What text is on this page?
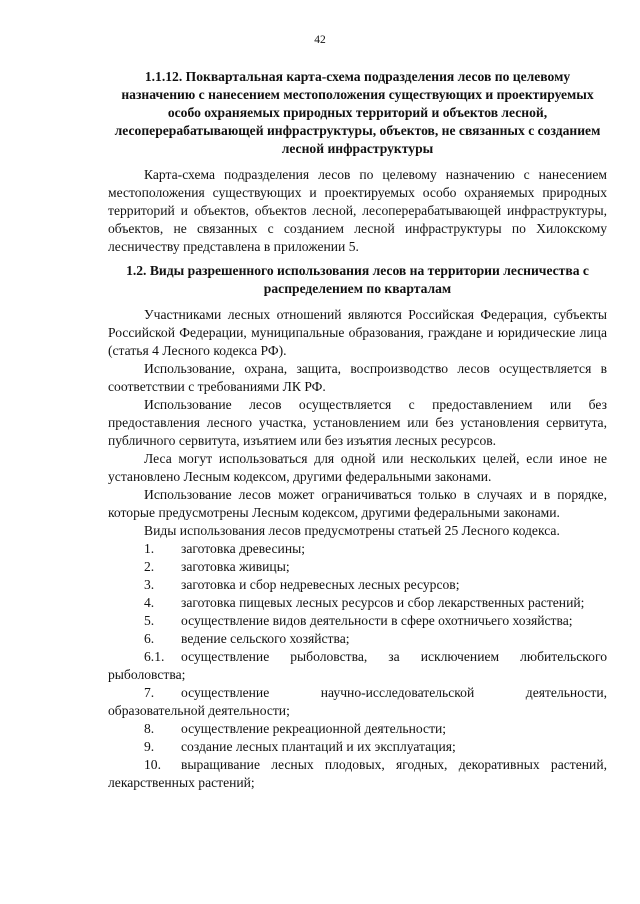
42
1.1.12. Поквартальная карта-схема подразделения лесов по целевому назначению с нанесением местоположения существующих и проектируемых особо охраняемых природных территорий и объектов лесной, лесоперерабатывающей инфраструктуры, объектов, не связанных с созданием лесной инфраструктуры

Карта-схема подразделения лесов по целевому назначению с нанесением местоположения существующих и проектируемых особо охраняемых природных территорий и объектов, объектов лесной, лесоперерабатывающей инфраструктуры, объектов, не связанных с созданием лесной инфраструктуры по Хилокскому лесничеству представлена в приложении 5.

1.2. Виды разрешенного использования лесов на территории лесничества с распределением по кварталам

Участниками лесных отношений являются Российская Федерация, субъекты Российской Федерации, муниципальные образования, граждане и юридические лица (статья 4 Лесного кодекса РФ).

Использование, охрана, защита, воспроизводство лесов осуществляется в соответствии с требованиями ЛК РФ.

Использование лесов осуществляется с предоставлением или без предоставления лесного участка, установлением или без установления сервитута, публичного сервитута, изъятием или без изъятия лесных ресурсов.

Леса могут использоваться для одной или нескольких целей, если иное не установлено Лесным кодексом, другими федеральными законами.

Использование лесов может ограничиваться только в случаях и в порядке, которые предусмотрены Лесным кодексом, другими федеральными законами.

Виды использования лесов предусмотрены статьей 25 Лесного кодекса.

1. заготовка древесины;
2. заготовка живицы;
3. заготовка и сбор недревесных лесных ресурсов;
4. заготовка пищевых лесных ресурсов и сбор лекарственных растений;
5. осуществление видов деятельности в сфере охотничьего хозяйства;
6. ведение сельского хозяйства;
6.1. осуществление рыболовства, за исключением любительского рыболовства;
7. осуществление научно-исследовательской деятельности, образовательной деятельности;
8. осуществление рекреационной деятельности;
9. создание лесных плантаций и их эксплуатация;
10. выращивание лесных плодовых, ягодных, декоративных растений, лекарственных растений;
